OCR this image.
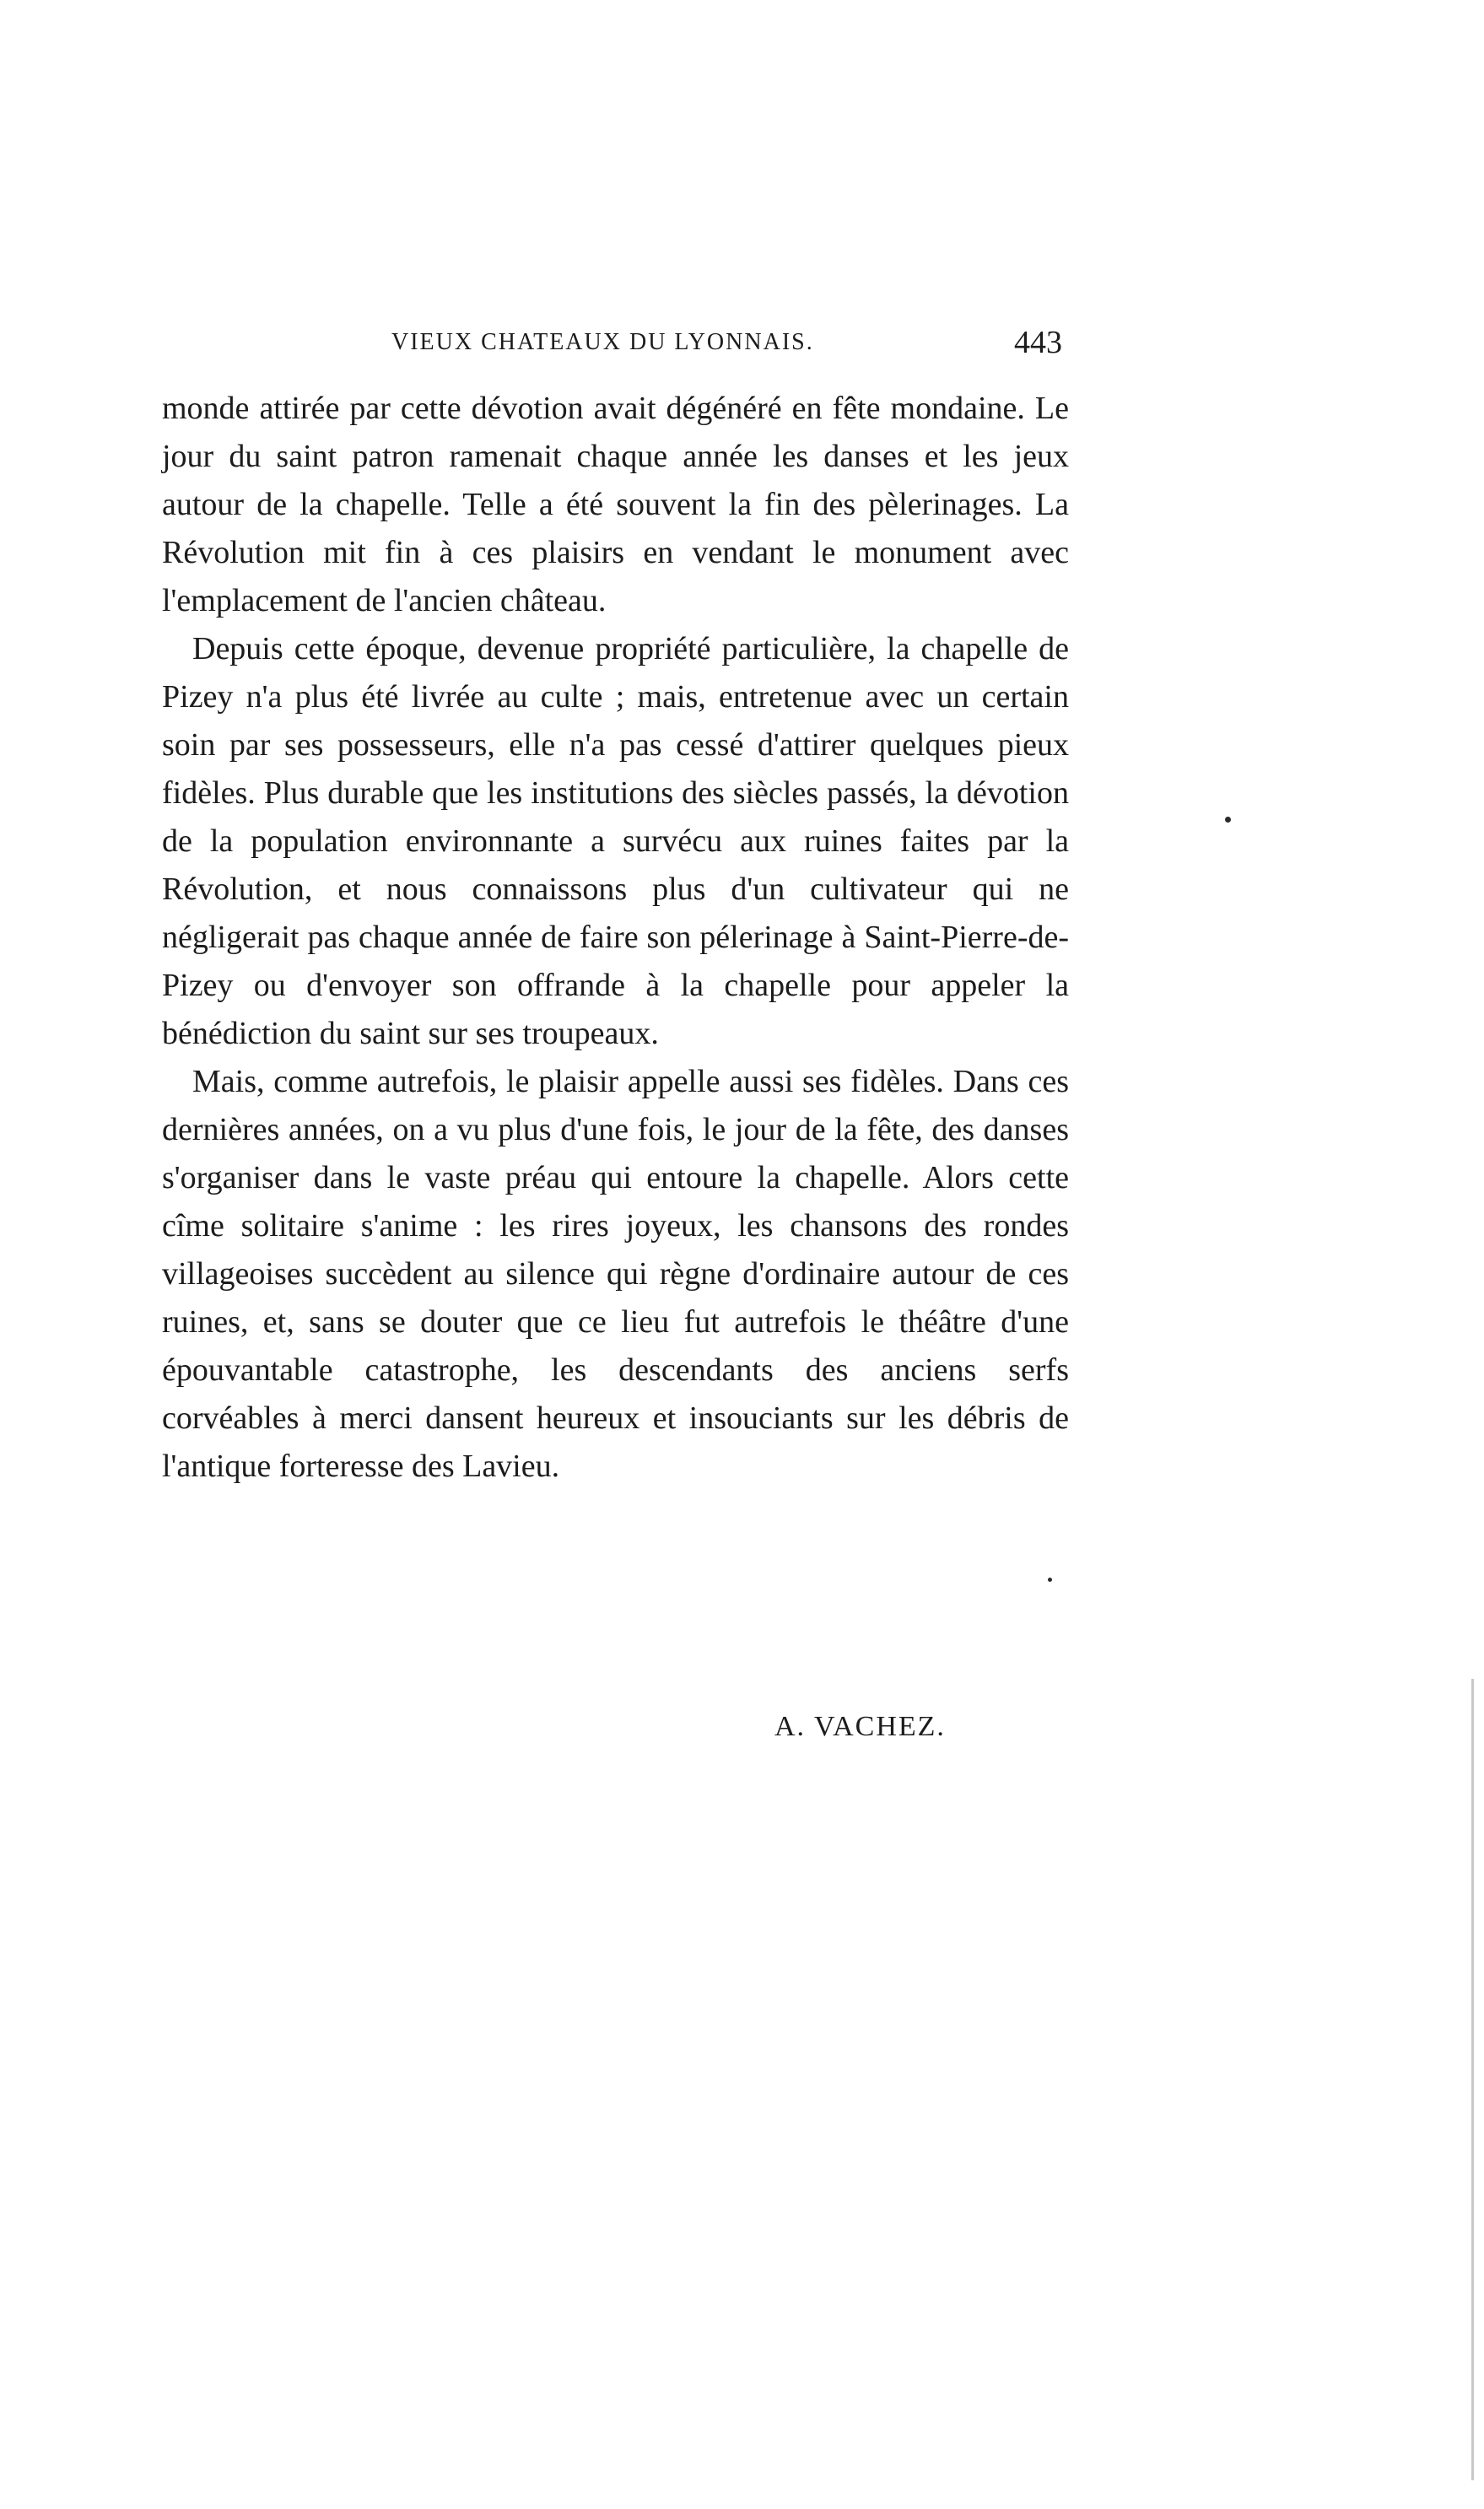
VIEUX CHATEAUX DU LYONNAIS.	443

monde attirée par cette dévotion avait dégénéré en fête mondaine. Le jour du saint patron ramenait chaque année les danses et les jeux autour de la chapelle. Telle a été souvent la fin des pèlerinages. La Révolution mit fin à ces plaisirs en vendant le monument avec l'emplacement de l'ancien château.

Depuis cette époque, devenue propriété particulière, la chapelle de Pizey n'a plus été livrée au culte ; mais, entretenue avec un certain soin par ses possesseurs, elle n'a pas cessé d'attirer quelques pieux fidèles. Plus durable que les institutions des siècles passés, la dévotion de la population environnante a survécu aux ruines faites par la Révolution, et nous connaissons plus d'un cultivateur qui ne négligerait pas chaque année de faire son pélerinage à Saint-Pierre-de-Pizey ou d'envoyer son offrande à la chapelle pour appeler la bénédiction du saint sur ses troupeaux.

Mais, comme autrefois, le plaisir appelle aussi ses fidèles. Dans ces dernières années, on a vu plus d'une fois, le jour de la fête, des danses s'organiser dans le vaste préau qui entoure la chapelle. Alors cette cîme solitaire s'anime : les rires joyeux, les chansons des rondes villageoises succèdent au silence qui règne d'ordinaire autour de ces ruines, et, sans se douter que ce lieu fut autrefois le théâtre d'une épouvantable catastrophe, les descendants des anciens serfs corvéables à merci dansent heureux et insouciants sur les débris de l'antique forteresse des Lavieu.

A. VACHEZ.
